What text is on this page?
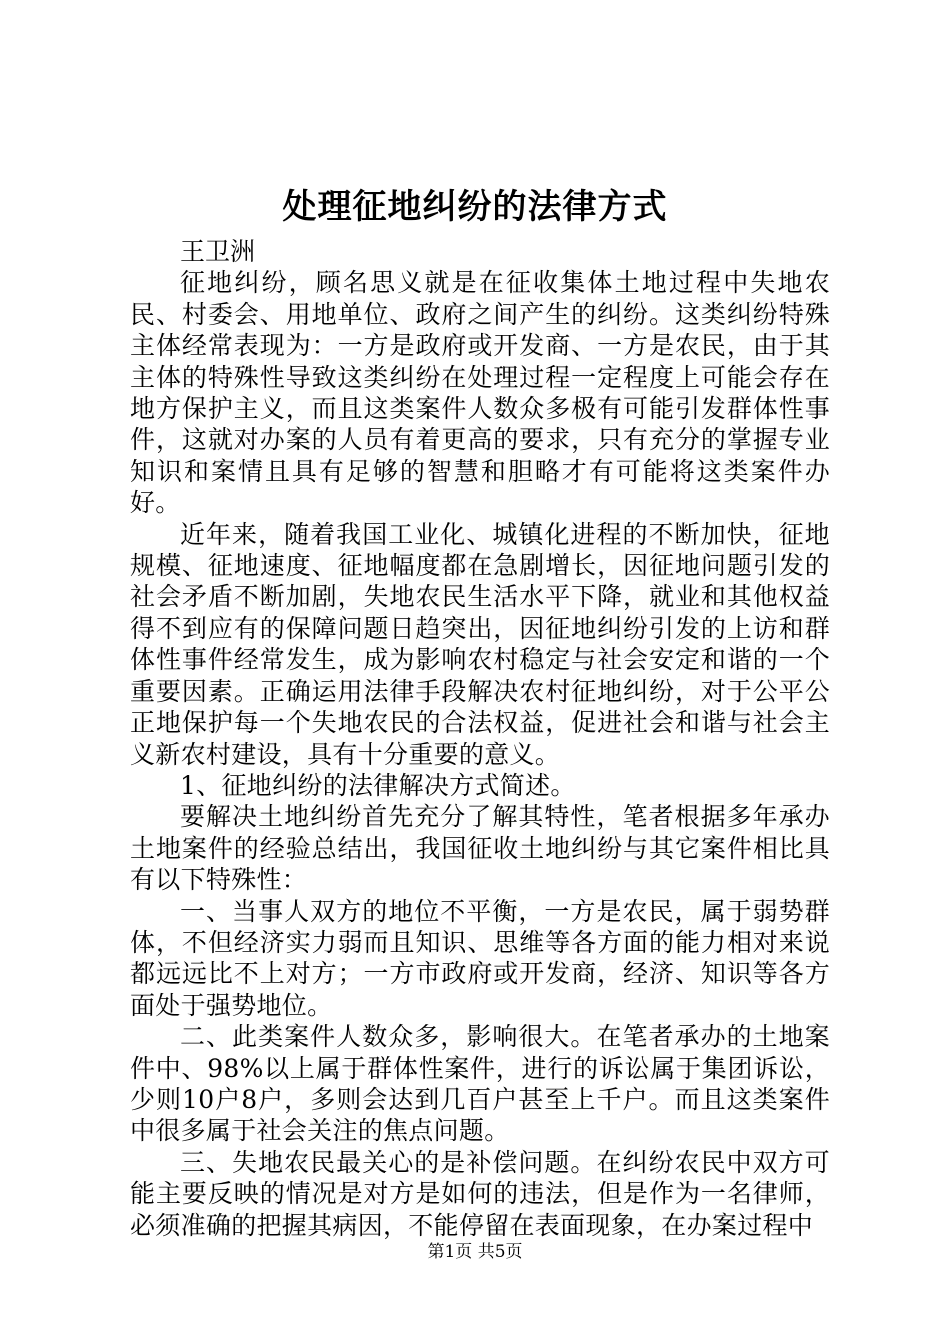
处理征地纠纷的法律方式

王卫洲

征地纠纷，顾名思义就是在征收集体土地过程中失地农民、村委会、用地单位、政府之间产生的纠纷。这类纠纷特殊主体经常表现为：一方是政府或开发商、一方是农民，由于其主体的特殊性导致这类纠纷在处理过程一定程度上可能会存在地方保护主义，而且这类案件人数众多极有可能引发群体性事件，这就对办案的人员有着更高的要求，只有充分的掌握专业知识和案情且具有足够的智慧和胆略才有可能将这类案件办好。

近年来，随着我国工业化、城镇化进程的不断加快，征地规模、征地速度、征地幅度都在急剧增长，因征地问题引发的社会矛盾不断加剧，失地农民生活水平下降，就业和其他权益得不到应有的保障问题日趋突出，因征地纠纷引发的上访和群体性事件经常发生，成为影响农村稳定与社会安定和谐的一个重要因素。正确运用法律手段解决农村征地纠纷，对于公平公正地保护每一个失地农民的合法权益，促进社会和谐与社会主义新农村建设，具有十分重要的意义。

1、征地纠纷的法律解决方式简述。

要解决土地纠纷首先充分了解其特性，笔者根据多年承办土地案件的经验总结出，我国征收土地纠纷与其它案件相比具有以下特殊性：

一、当事人双方的地位不平衡，一方是农民，属于弱势群体，不但经济实力弱而且知识、思维等各方面的能力相对来说都远远比不上对方；一方市政府或开发商，经济、知识等各方面处于强势地位。

二、此类案件人数众多，影响很大。在笔者承办的土地案件中、98%以上属于群体性案件，进行的诉讼属于集团诉讼，少则10户8户，多则会达到几百户甚至上千户。而且这类案件中很多属于社会关注的焦点问题。

三、失地农民最关心的是补偿问题。在纠纷农民中双方可能主要反映的情况是对方是如何的违法，但是作为一名律师，必须准确的把握其病因，不能停留在表面现象，在办案过程中

第1页 共5页
